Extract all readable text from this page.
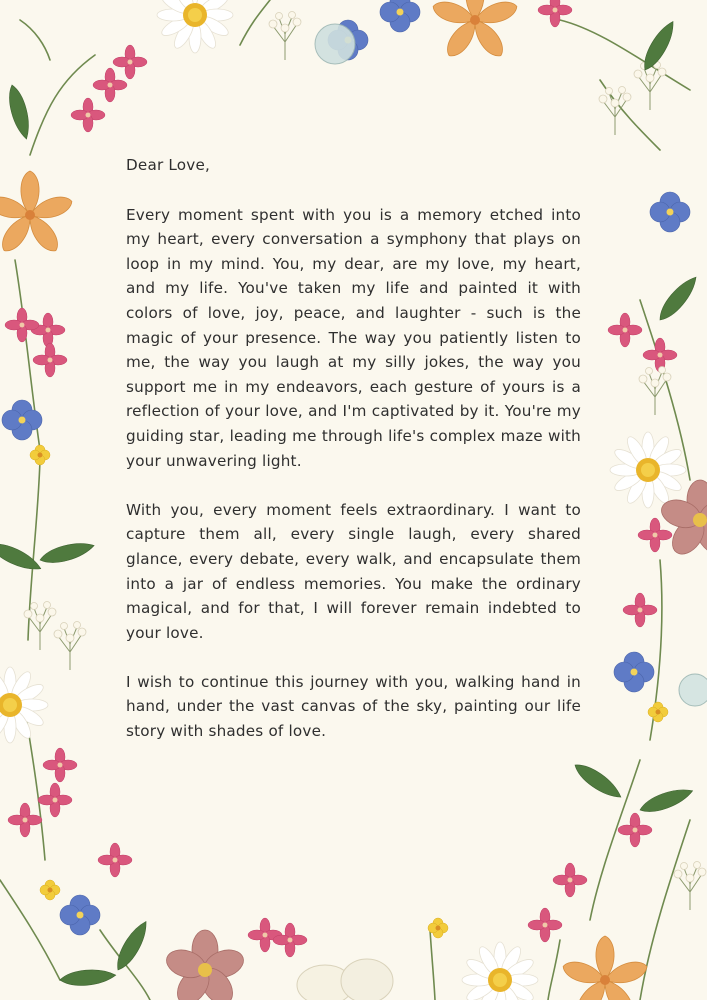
Dear Love,

Every moment spent with you is a memory etched into my heart, every conversation a symphony that plays on loop in my mind. You, my dear, are my love, my heart, and my life. You've taken my life and painted it with colors of love, joy, peace, and laughter - such is the magic of your presence. The way you patiently listen to me, the way you laugh at my silly jokes, the way you support me in my endeavors, each gesture of yours is a reflection of your love, and I'm captivated by it. You're my guiding star, leading me through life's complex maze with your unwavering light.

With you, every moment feels extraordinary. I want to capture them all, every single laugh, every shared glance, every debate, every walk, and encapsulate them into a jar of endless memories. You make the ordinary magical, and for that, I will forever remain indebted to your love.

I wish to continue this journey with you, walking hand in hand, under the vast canvas of the sky, painting our life story with shades of love.
